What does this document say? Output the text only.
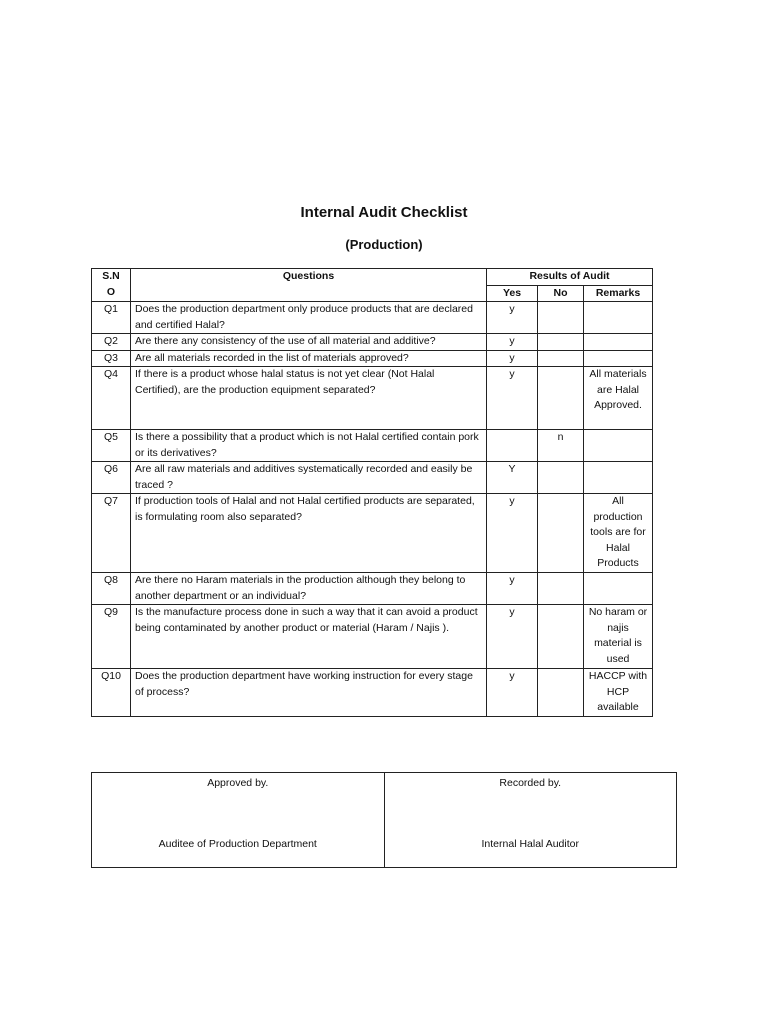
Internal Audit Checklist
(Production)
S.N
O	Questions	Results of Audit		
		Yes	No	Remarks
Q1	Does the production department only produce products that are declared and certified Halal?	y		
Q2	Are there any consistency of the use of all material and additive?	y		
Q3	Are all materials recorded in the list of materials approved?	y		
Q4	If there is a product whose halal status is not yet clear (Not Halal Certified), are the production equipment separated?	y		All materials are Halal Approved.
Q5	Is there a possibility that a product which is not Halal certified contain pork or its derivatives?		n	
Q6	Are all raw materials and additives systematically recorded and easily be traced ?	Y		
Q7	If production tools of Halal and not Halal certified products are separated, is formulating room also separated?	y		All production tools are for Halal Products
Q8	Are there no Haram materials in the production although they belong to another department or an individual?	y		
Q9	Is the manufacture process done in such a way that it can avoid a product being contaminated by another product or material (Haram / Najis ).	y		No haram or najis material is used
Q10	Does the production department have working instruction for every stage of process?	y		HACCP with HCP available
Approved by.
Auditee of Production Department

Recorded by.
Internal Halal Auditor
